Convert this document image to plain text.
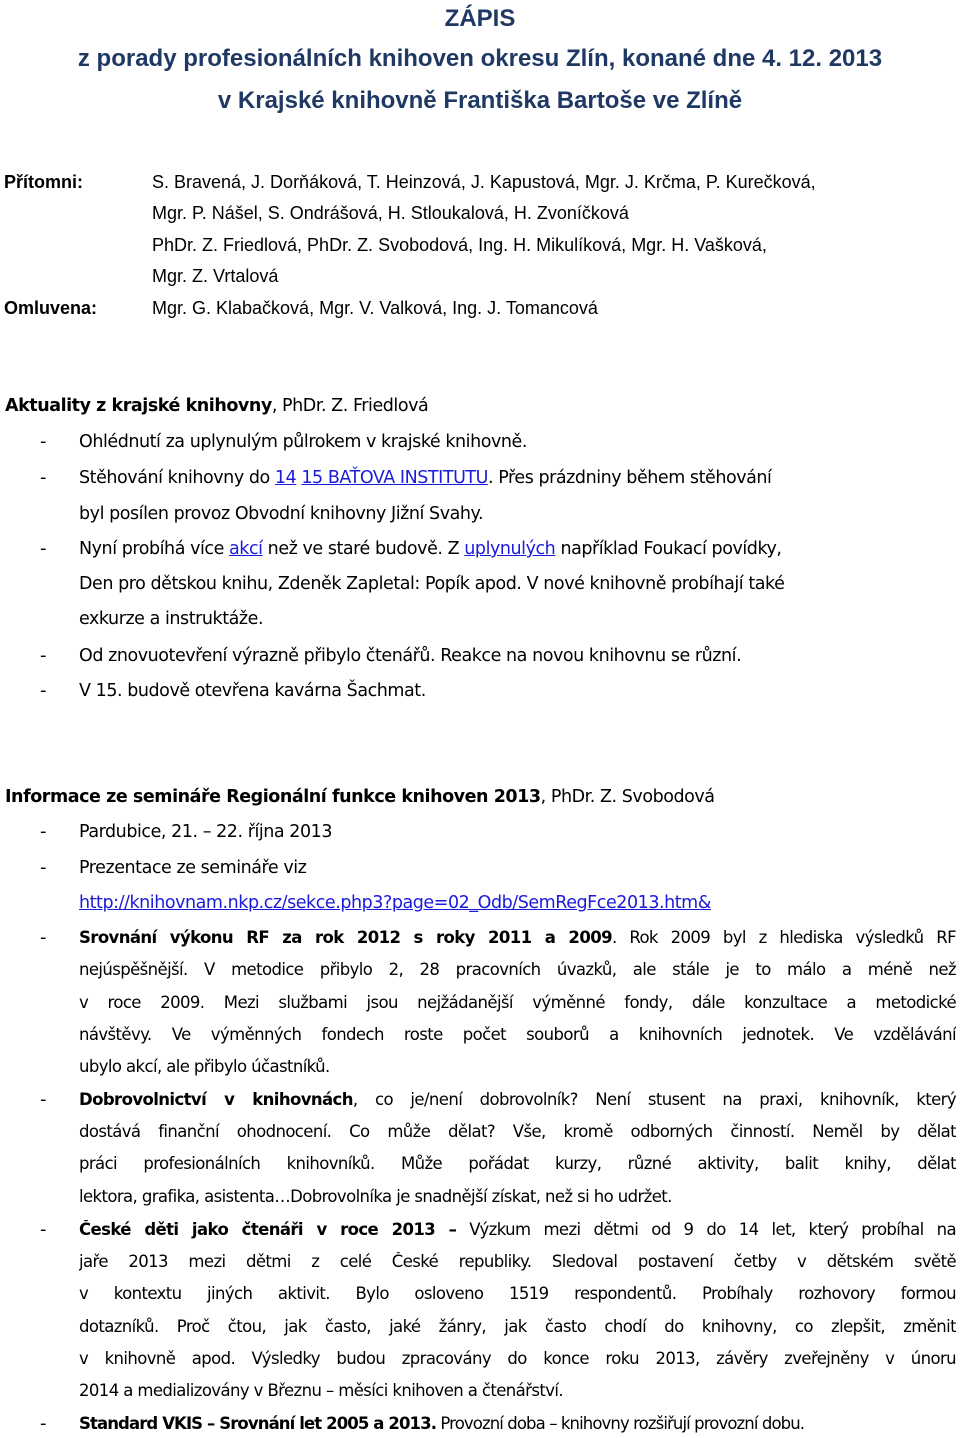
ZÁPIS
z porady profesionálních knihoven okresu Zlín, konané dne 4. 12. 2013
v Krajské knihovně Františka Bartoše ve Zlíně
Přítomni:	S. Bravená, J. Dorňáková, T. Heinzová, J. Kapustová, Mgr. J. Krčma, P. Kurečková,
Mgr. P. Nášel, S. Ondrášová, H. Stloukalová, H. Zvoníčková
PhDr. Z. Friedlová, PhDr. Z. Svobodová, Ing. H. Mikulíková, Mgr. H. Vašková,
Mgr. Z. Vrtalová
Omluvena:	Mgr. G. Klabačková, Mgr. V. Valková, Ing. J. Tomancová
Aktuality z krajské knihovny, PhDr. Z. Friedlová
- Ohlédnutí za uplynulým půlrokem v krajské knihovně.
- Stěhování knihovny do 14 15 BAŤOVA INSTITUTU. Přes prázdniny během stěhování
byl posílen provoz Obvodní knihovny Jižní Svahy.
- Nyní probíhá více akcí než ve staré budově. Z uplynulých například Foukací povídky,
Den pro dětskou knihu, Zdeněk Zapletal: Popík apod. V nové knihovně probíhají také
exkurze a instruktáže.
- Od znovuotevření výrazně přibylo čtenářů. Reakce na novou knihovnu se různí.
- V 15. budově otevřena kavárna Šachmat.
Informace ze semináře Regionální funkce knihoven 2013, PhDr. Z. Svobodová
- Pardubice, 21. – 22. října 2013
- Prezentace ze semináře viz
http://knihovnam.nkp.cz/sekce.php3?page=02_Odb/SemRegFce2013.htm&
- Srovnání výkonu RF za rok 2012 s roky 2011 a 2009. Rok 2009 byl z hlediska výsledků RF
nejúspěšnější. V metodice přibylo 2, 28 pracovních úvazků, ale stále je to málo a méně než
v roce 2009. Mezi službami jsou nejžádanější výměnné fondy, dále konzultace a metodické
návštěvy. Ve výměnných fondech roste počet souborů a knihovních jednotek. Ve vzdělávání
ubylo akcí, ale přibylo účastníků.
- Dobrovolnictví v knihovnách, co je/není dobrovolník? Není stusent na praxi, knihovník, který
dostává finanční ohodnocení. Co může dělat? Vše, kromě odborných činností. Neměl by dělat
práci profesionálních knihovníků. Může pořádat kurzy, různé aktivity, balit knihy, dělat
lektora, grafika, asistenta…Dobrovolníka je snadnější získat, než si ho udržet.
- České děti jako čtenáři v roce 2013 – Výzkum mezi dětmi od 9 do 14 let, který probíhal na
jaře 2013 mezi dětmi z celé České republiky. Sledoval postavení četby v dětském světě
v kontextu jiných aktivit. Bylo osloveno 1519 respondentů. Probíhaly rozhovory formou
dotazníků. Proč čtou, jak často, jaké žánry, jak často chodí do knihovny, co zlepšit, změnit
v knihovně apod. Výsledky budou zpracovány do konce roku 2013, závěry zveřejněny v únoru
2014 a medializovány v Březnu – měsíci knihoven a čtenářství.
- Standard VKIS – Srovnání let 2005 a 2013. Provozní doba – knihovny rozšiřují provozní dobu.
